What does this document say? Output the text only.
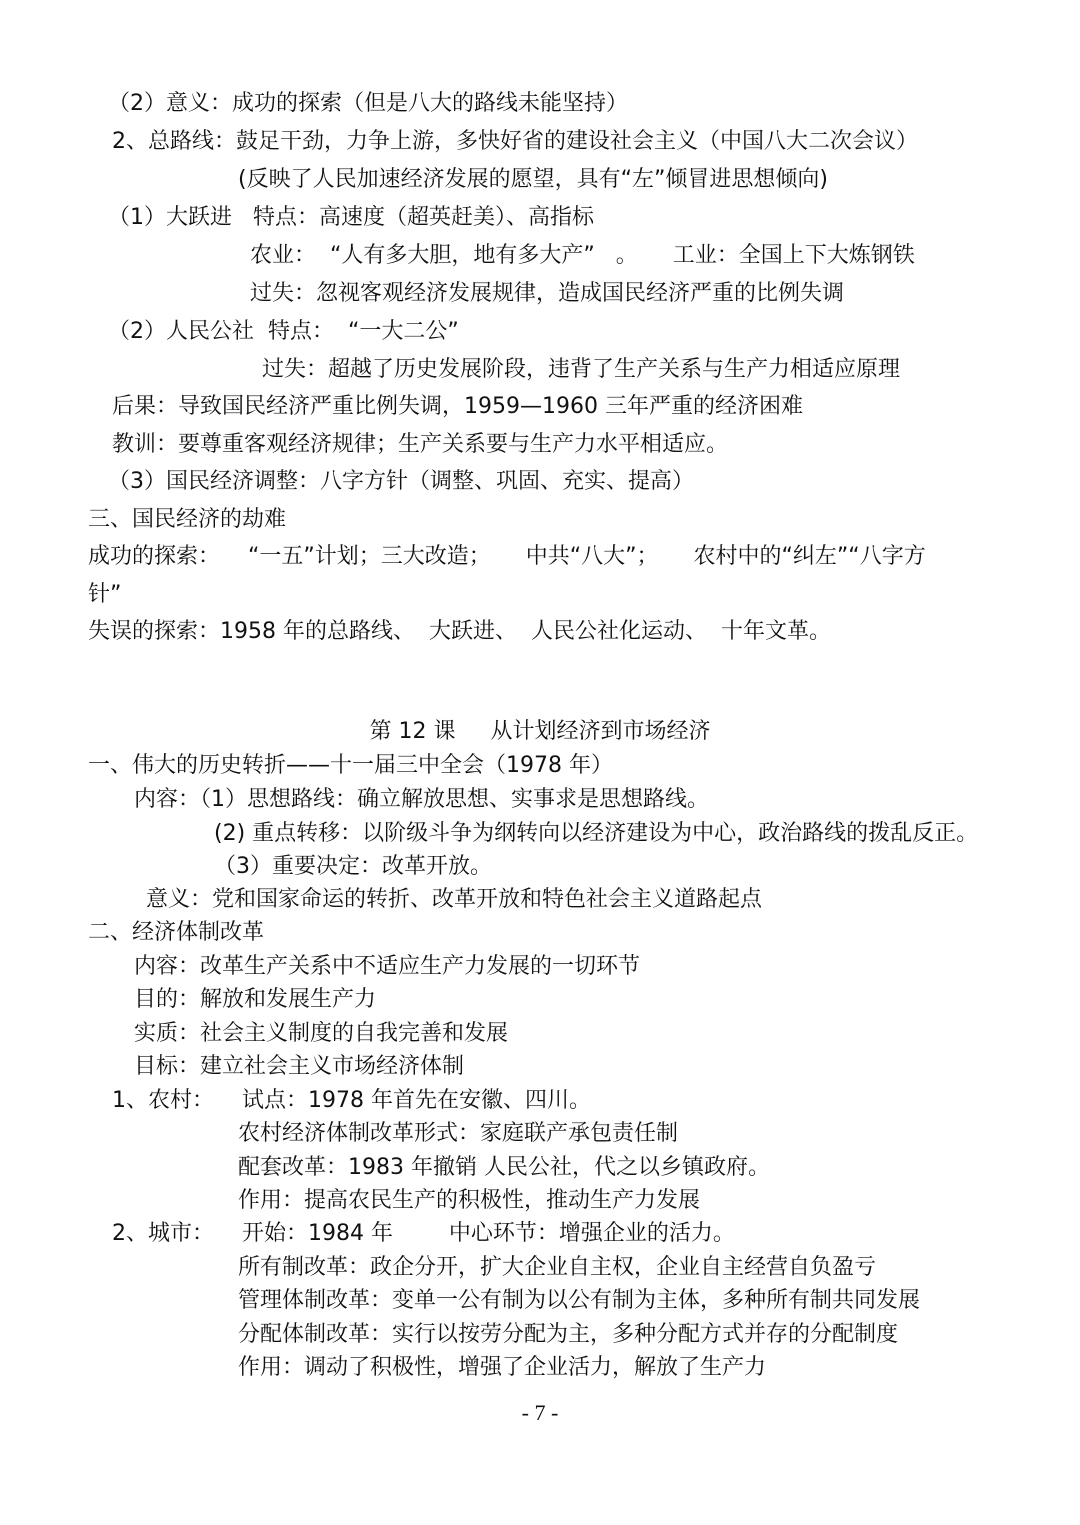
（2）意义：成功的探索（但是八大的路线未能坚持）

2、总路线：鼓足干劲，力争上游，多快好省的建设社会主义（中国八大二次会议）

(反映了人民加速经济发展的愿望，具有“左”倾冒进思想倾向)

（1）大跃进   特点：高速度（超英赶美）、高指标

农业：  “人有多大胆，地有多大产”   。     工业：全国上下大炼钢铁

过失：忽视客观经济发展规律，造成国民经济严重的比例失调

（2）人民公社  特点：  “一大二公”

过失：超越了历史发展阶段，违背了生产关系与生产力相适应原理

后果：导致国民经济严重比例失调，1959—1960 三年严重的经济困难

教训：要尊重客观经济规律；生产关系要与生产力水平相适应。

（3）国民经济调整：八字方针（调整、巩固、充实、提高）

三、国民经济的劫难

成功的探索：    “一五”计划；三大改造；     中共“八大”；     农村中的“纠左”“八字方

针”

失误的探索：1958 年的总路线、  大跃进、  人民公社化运动、  十年文革。

第 12 课     从计划经济到市场经济

一、伟大的历史转折——十一届三中全会（1978 年）

内容：（1）思想路线：确立解放思想、实事求是思想路线。

(2) 重点转移：以阶级斗争为纲转向以经济建设为中心，政治路线的拨乱反正。

（3）重要决定：改革开放。

意义：党和国家命运的转折、改革开放和特色社会主义道路起点

二、经济体制改革

内容：改革生产关系中不适应生产力发展的一切环节

目的：解放和发展生产力

实质：社会主义制度的自我完善和发展

目标：建立社会主义市场经济体制

1、农村：    试点：1978 年首先在安徽、四川。

农村经济体制改革形式：家庭联产承包责任制

配套改革：1983 年撤销 人民公社，代之以乡镇政府。

作用：提高农民生产的积极性，推动生产力发展

2、城市：    开始：1984 年        中心环节：增强企业的活力。

所有制改革：政企分开，扩大企业自主权，企业自主经营自负盈亏

管理体制改革：变单一公有制为以公有制为主体，多种所有制共同发展

分配体制改革：实行以按劳分配为主，多种分配方式并存的分配制度

作用：调动了积极性，增强了企业活力，解放了生产力

- 7 -
